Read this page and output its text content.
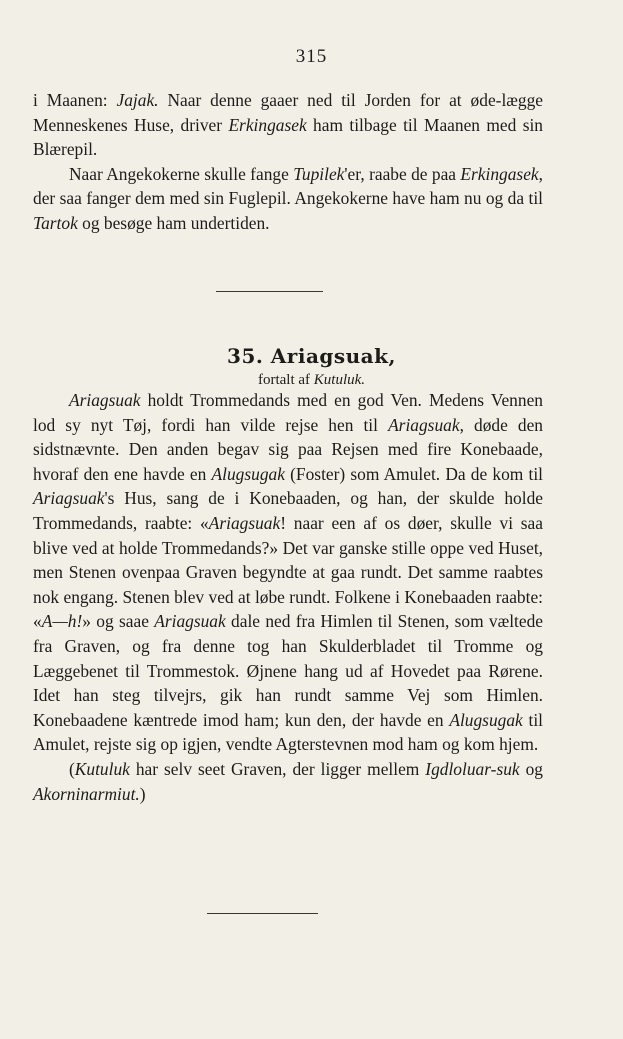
315

i Maanen: Jajak. Naar denne gaaer ned til Jorden for at øde-lægge Menneskenes Huse, driver Erkingasek ham tilbage til Maanen med sin Blærepil.

Naar Angekokerne skulle fange Tupilek'er, raabe de paa Erkingasek, der saa fanger dem med sin Fuglepil. Angekokerne have ham nu og da til Tartok og besøge ham undertiden.

35. Ariagsuak,
fortalt af Kutuluk.

Ariagsuak holdt Trommedands med en god Ven. Medens Vennen lod sy nyt Tøj, fordi han vilde rejse hen til Ariagsuak, døde den sidstnævnte. Den anden begav sig paa Rejsen med fire Konebaade, hvoraf den ene havde en Alugsugak (Foster) som Amulet. Da de kom til Ariagsuak's Hus, sang de i Konebaaden, og han, der skulde holde Trommedands, raabte: «Ariagsuak! naar een af os døer, skulle vi saa blive ved at holde Trommedands?» Det var ganske stille oppe ved Huset, men Stenen ovenpaa Graven begyndte at gaa rundt. Det samme raabtes nok engang. Stenen blev ved at løbe rundt. Folkene i Konebaaden raabte: «A—h!» og saae Ariagsuak dale ned fra Himlen til Stenen, som væltede fra Graven, og fra denne tog han Skulderbladet til Tromme og Læggebenet til Trommestok. Øjnene hang ud af Hovedet paa Rørene. Idet han steg tilvejrs, gik han rundt samme Vej som Himlen. Konebaadene kæntrede imod ham; kun den, der havde en Alugsugak til Amulet, rejste sig op igjen, vendte Agterstevnen mod ham og kom hjem.

(Kutuluk har selv seet Graven, der ligger mellem Igdloluar-suk og Akorninarmiut.)
